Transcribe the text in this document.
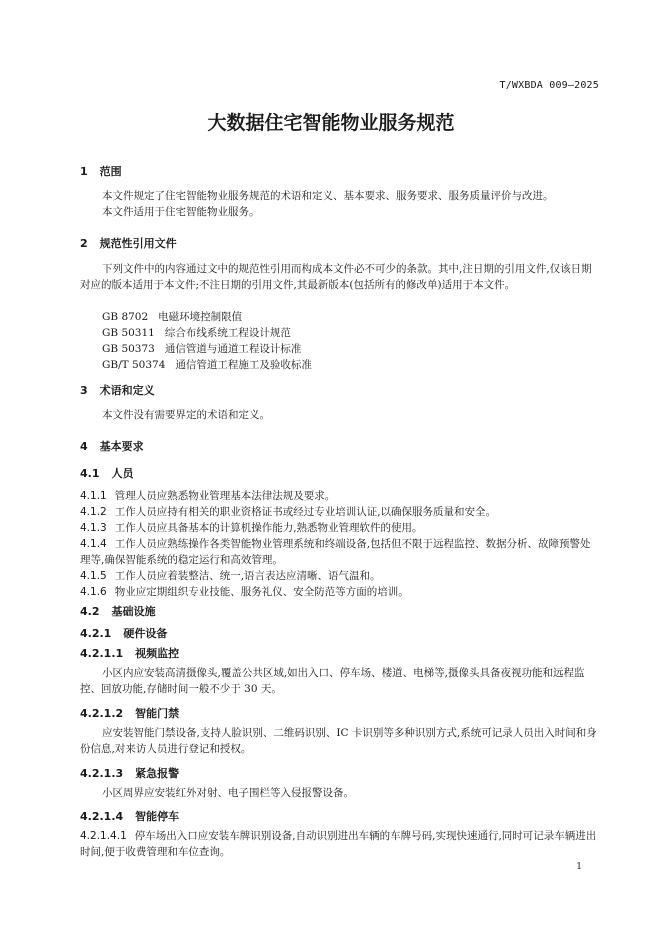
T/WXBDA 009—2025
大数据住宅智能物业服务规范
1 范围
本文件规定了住宅智能物业服务规范的术语和定义、基本要求、服务要求、服务质量评价与改进。
本文件适用于住宅智能物业服务。
2 规范性引用文件
下列文件中的内容通过文中的规范性引用而构成本文件必不可少的条款。其中,注日期的引用文件,仅该日期对应的版本适用于本文件;不注日期的引用文件,其最新版本(包括所有的修改单)适用于本文件。
GB 8702 电磁环境控制限值
GB 50311 综合布线系统工程设计规范
GB 50373 通信管道与通道工程设计标准
GB/T 50374 通信管道工程施工及验收标准
3 术语和定义
本文件没有需要界定的术语和定义。
4 基本要求
4.1 人员
4.1.1 管理人员应熟悉物业管理基本法律法规及要求。
4.1.2 工作人员应持有相关的职业资格证书或经过专业培训认证,以确保服务质量和安全。
4.1.3 工作人员应具备基本的计算机操作能力,熟悉物业管理软件的使用。
4.1.4 工作人员应熟练操作各类智能物业管理系统和终端设备,包括但不限于远程监控、数据分析、故障预警处理等,确保智能系统的稳定运行和高效管理。
4.1.5 工作人员应着装整洁、统一,语言表达应清晰、语气温和。
4.1.6 物业应定期组织专业技能、服务礼仪、安全防范等方面的培训。
4.2 基础设施
4.2.1 硬件设备
4.2.1.1 视频监控
小区内应安装高清摄像头,覆盖公共区域,如出入口、停车场、楼道、电梯等,摄像头具备夜视功能和远程监控、回放功能,存储时间一般不少于 30 天。
4.2.1.2 智能门禁
应安装智能门禁设备,支持人脸识别、二维码识别、IC 卡识别等多种识别方式,系统可记录人员出入时间和身份信息,对来访人员进行登记和授权。
4.2.1.3 紧急报警
小区周界应安装红外对射、电子围栏等入侵报警设备。
4.2.1.4 智能停车
4.2.1.4.1 停车场出入口应安装车牌识别设备,自动识别进出车辆的车牌号码,实现快速通行,同时可记录车辆进出时间,便于收费管理和车位查询。
1
